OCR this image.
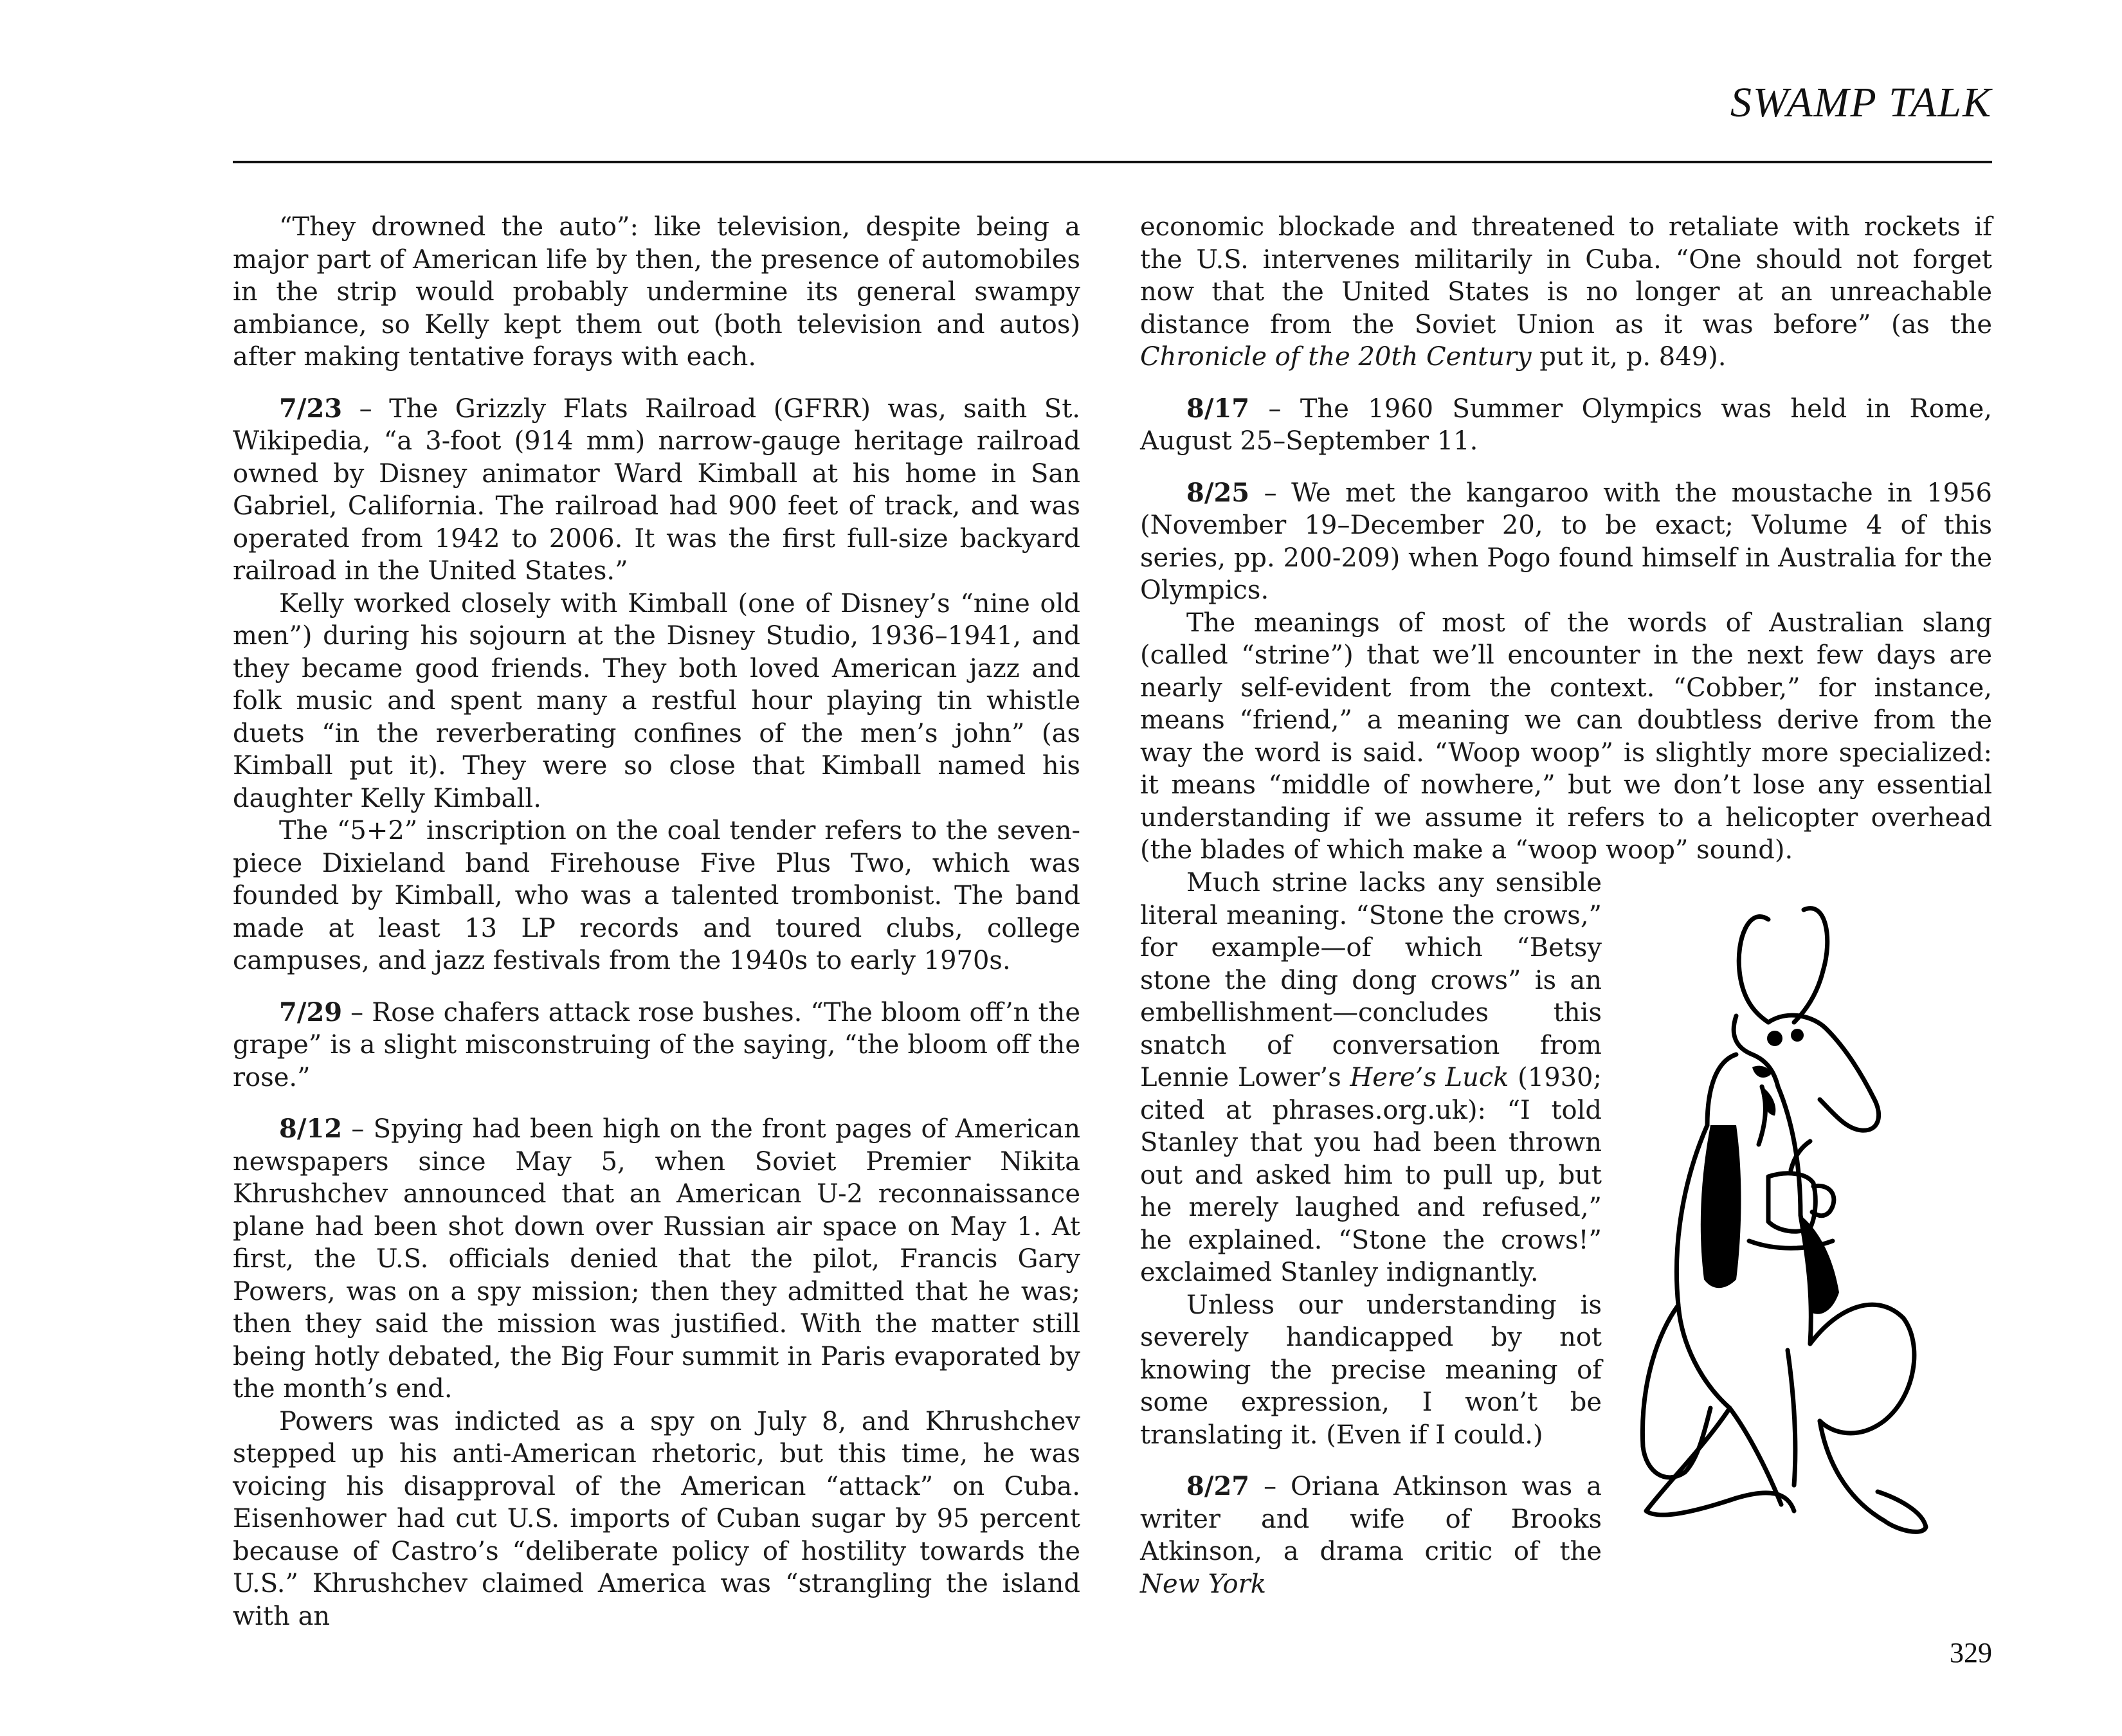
SWAMP TALK

“They drowned the auto”: like television, despite being a major part of American life by then, the presence of automobiles in the strip would probably undermine its general swampy ambiance, so Kelly kept them out (both television and autos) after making tentative forays with each.

7/23 – The Grizzly Flats Railroad (GFRR) was, saith St. Wikipedia, “a 3-foot (914 mm) narrow-gauge heritage railroad owned by Disney animator Ward Kimball at his home in San Gabriel, California. The railroad had 900 feet of track, and was operated from 1942 to 2006. It was the first full-size backyard railroad in the United States.”

Kelly worked closely with Kimball (one of Disney’s “nine old men”) during his sojourn at the Disney Studio, 1936–1941, and they became good friends. They both loved American jazz and folk music and spent many a restful hour playing tin whistle duets “in the reverberating confines of the men’s john” (as Kimball put it). They were so close that Kimball named his daughter Kelly Kimball.

The “5+2” inscription on the coal tender refers to the seven-piece Dixieland band Firehouse Five Plus Two, which was founded by Kimball, who was a talented trombonist. The band made at least 13 LP records and toured clubs, college campuses, and jazz festivals from the 1940s to early 1970s.

7/29 – Rose chafers attack rose bushes. “The bloom off’n the grape” is a slight misconstruing of the saying, “the bloom off the rose.”

8/12 – Spying had been high on the front pages of American newspapers since May 5, when Soviet Premier Nikita Khrushchev announced that an American U-2 reconnaissance plane had been shot down over Russian air space on May 1. At first, the U.S. officials denied that the pilot, Francis Gary Powers, was on a spy mission; then they admitted that he was; then they said the mission was justified. With the matter still being hotly debated, the Big Four summit in Paris evaporated by the month’s end.

Powers was indicted as a spy on July 8, and Khrushchev stepped up his anti-American rhetoric, but this time, he was voicing his disapproval of the American “attack” on Cuba. Eisenhower had cut U.S. imports of Cuban sugar by 95 percent because of Castro’s “deliberate policy of hostility towards the U.S.” Khrushchev claimed America was “strangling the island with an

economic blockade and threatened to retaliate with rockets if the U.S. intervenes militarily in Cuba. “One should not forget now that the United States is no longer at an unreachable distance from the Soviet Union as it was before” (as the Chronicle of the 20th Century put it, p. 849).

8/17 – The 1960 Summer Olympics was held in Rome, August 25–September 11.

8/25 – We met the kangaroo with the moustache in 1956 (November 19–December 20, to be exact; Volume 4 of this series, pp. 200-209) when Pogo found himself in Australia for the Olympics.

The meanings of most of the words of Australian slang (called “strine”) that we’ll encounter in the next few days are nearly self-evident from the context. “Cobber,” for instance, means “friend,” a meaning we can doubtless derive from the way the word is said. “Woop woop” is slightly more specialized: it means “middle of nowhere,” but we don’t lose any essential understanding if we assume it refers to a helicopter overhead (the blades of which make a “woop woop” sound).

Much strine lacks any sensible literal meaning. “Stone the crows,” for example—of which “Betsy stone the ding dong crows” is an embellishment—concludes this snatch of conversation from Lennie Lower’s Here’s Luck (1930; cited at phrases.org.uk): “I told Stanley that you had been thrown out and asked him to pull up, but he merely laughed and refused,” he explained. “Stone the crows!” exclaimed Stanley indignantly.

Unless our understanding is severely handicapped by not knowing the precise meaning of some expression, I won’t be translating it. (Even if I could.)

8/27 – Oriana Atkinson was a writer and wife of Brooks Atkinson, a drama critic of the New York

329
